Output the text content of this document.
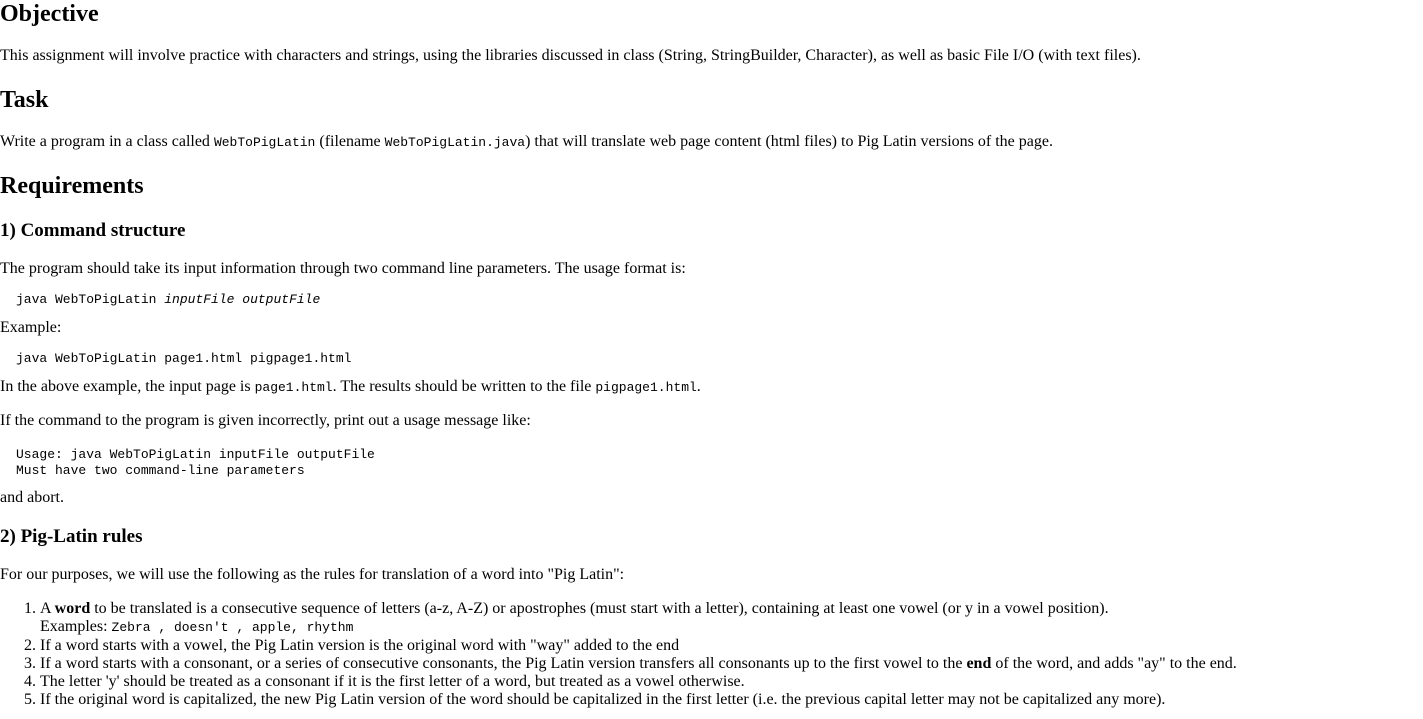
Objective

This assignment will involve practice with characters and strings, using the libraries discussed in class (String, StringBuilder, Character), as well as basic File I/O (with text files).

Task

Write a program in a class called WebToPigLatin (filename WebToPigLatin.java) that will translate web page content (html files) to Pig Latin versions of the page.

Requirements
1) Command structure

The program should take its input information through two command line parameters. The usage format is:

java WebToPigLatin inputFile outputFile

Example:

java WebToPigLatin page1.html pigpage1.html

In the above example, the input page is page1.html. The results should be written to the file pigpage1.html.

If the command to the program is given incorrectly, print out a usage message like:

Usage: java WebToPigLatin inputFile outputFile
Must have two command-line parameters

and abort.

2) Pig-Latin rules

For our purposes, we will use the following as the rules for translation of a word into "Pig Latin":

1. A word to be translated is a consecutive sequence of letters (a-z, A-Z) or apostrophes (must start with a letter), containing at least one vowel (or y in a vowel position).
Examples: Zebra , doesn't , apple, rhythm
2. If a word starts with a vowel, the Pig Latin version is the original word with "way" added to the end
3. If a word starts with a consonant, or a series of consecutive consonants, the Pig Latin version transfers all consonants up to the first vowel to the end of the word, and adds "ay" to the end.
4. The letter 'y' should be treated as a consonant if it is the first letter of a word, but treated as a vowel otherwise.
5. If the original word is capitalized, the new Pig Latin version of the word should be capitalized in the first letter (i.e. the previous capital letter may not be capitalized any more).
